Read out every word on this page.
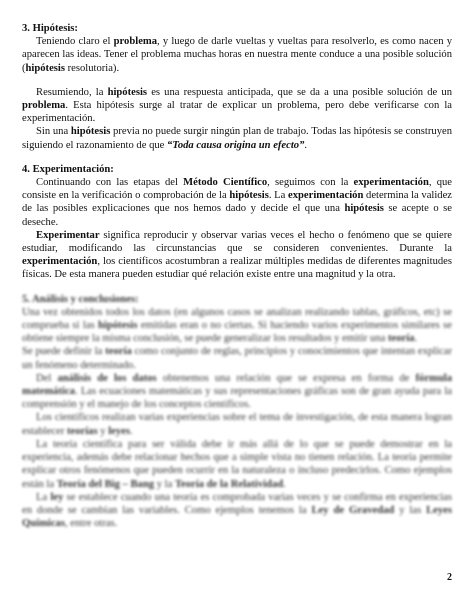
3. Hipótesis:

Teniendo claro el problema, y luego de darle vueltas y vueltas para resolverlo, es como nacen y aparecen las ideas. Tener el problema muchas horas en nuestra mente conduce a una posible solución (hipótesis resolutoria).

Resumiendo, la hipótesis es una respuesta anticipada, que se da a una posible solución de un problema. Esta hipótesis surge al tratar de explicar un problema, pero debe verificarse con la experimentación.

Sin una hipótesis previa no puede surgir ningún plan de trabajo. Todas las hipótesis se construyen siguiendo el razonamiento de que “Toda causa origina un efecto”.

4. Experimentación:

Continuando con las etapas del Método Científico, seguimos con la experimentación, que consiste en la verificación o comprobación de la hipótesis. La experimentación determina la validez de las posibles explicaciones que nos hemos dado y decide el que una hipótesis se acepte o se deseche.

Experimentar significa reproducir y observar varias veces el hecho o fenómeno que se quiere estudiar, modificando las circunstancias que se consideren convenientes. Durante la experimentación, los científicos acostumbran a realizar múltiples medidas de diferentes magnitudes físicas. De esta manera pueden estudiar qué relación existe entre una magnitud y la otra.

5. Análisis y conclusiones:

Una vez obtenidos todos los datos (en algunos casos se analizan realizando tablas, gráficos, etc) se comprueba si las hipótesis emitidas eran o no ciertas. Si haciendo varios experimentos similares se obtiene siempre la misma conclusión, se puede generalizar los resultados y emitir una teoría.

Se puede definir la teoría como conjunto de reglas, principios y conocimientos que intentan explicar un fenómeno determinado.

Del análisis de los datos obtenemos una relación que se expresa en forma de fórmula matemática. Las ecuaciones matemáticas y sus representaciones gráficas son de gran ayuda para la comprensión y el manejo de los conceptos científicos.

Los científicos realizan varias experiencias sobre el tema de investigación, de esta manera logran establecer teorías y leyes.

La teoría científica para ser válida debe ir más allá de lo que se puede demostrar en la experiencia, además debe relacionar hechos que a simple vista no tienen relación. La teoría permite explicar otros fenómenos que pueden ocurrir en la naturaleza o incluso predecirlos. Como ejemplos están la Teoría del Big – Bang y la Teoría de la Relatividad.

La ley se establece cuando una teoría es comprobada varias veces y se confirma en experiencias en donde se cambian las variables. Como ejemplos tenemos la Ley de Gravedad y las Leyes Químicas, entre otras.

2
